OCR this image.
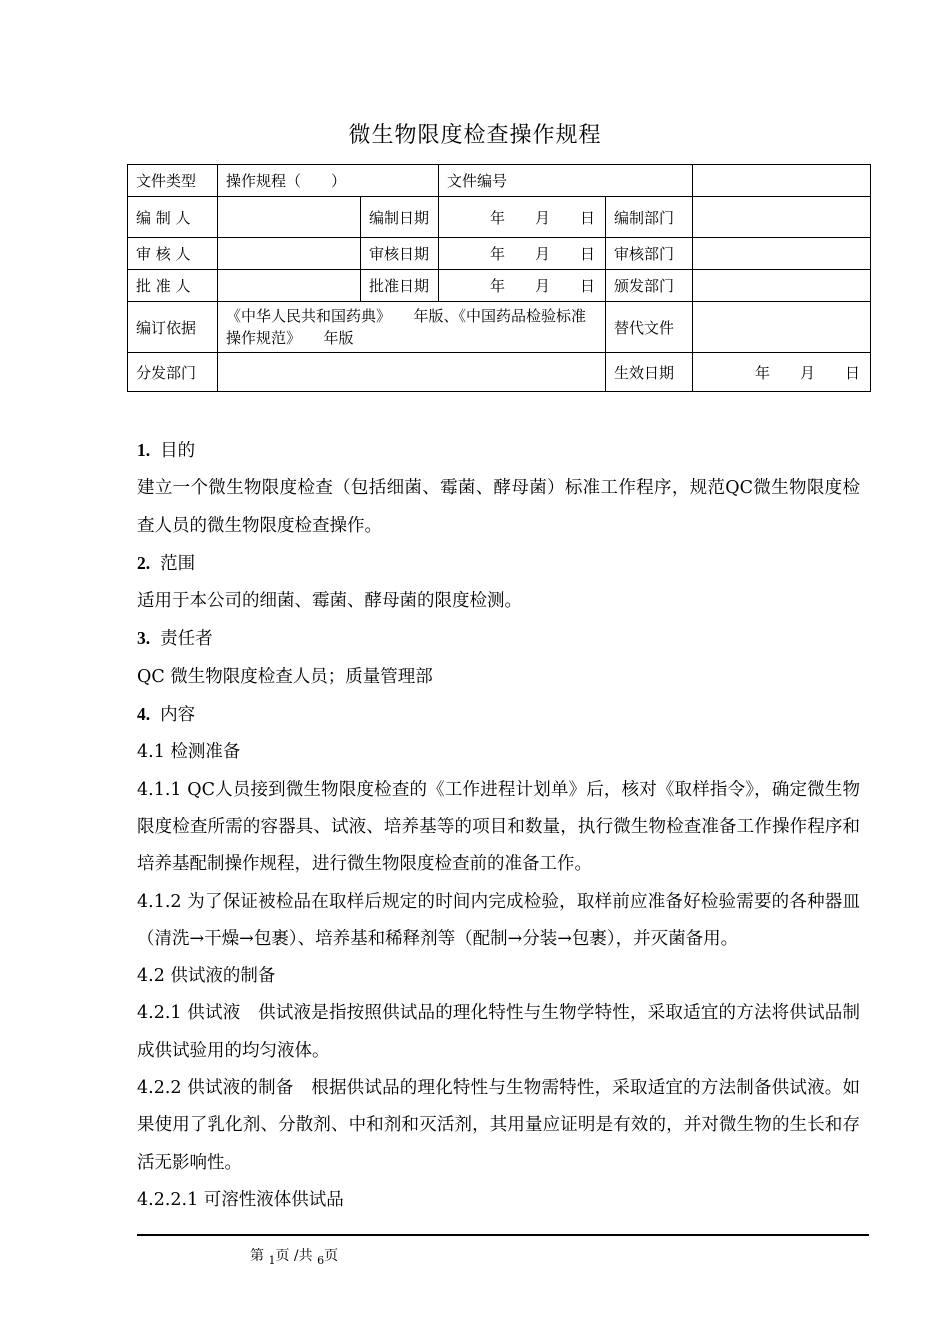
微生物限度检查操作规程
文件类型	操作规程（　　）		文件编号		
编 制 人		编制日期	年 月 日	编制部门	
审 核 人		审核日期	年 月 日	审核部门	
批 准 人		批准日期	年 月 日	颁发部门	
编订依据	《中华人民共和国药典》　　年版、《中国药品检验标准操作规范》　　年版			替代文件	
分发部门				生效日期	年 月 日

1. 目的

建立一个微生物限度检查（包括细菌、霉菌、酵母菌）标准工作程序，规范QC微生物限度检查人员的微生物限度检查操作。

2. 范围

适用于本公司的细菌、霉菌、酵母菌的限度检测。

3. 责任者

QC 微生物限度检查人员；质量管理部

4. 内容

4.1 检测准备

4.1.1 QC人员接到微生物限度检查的《工作进程计划单》后，核对《取样指令》，确定微生物限度检查所需的容器具、试液、培养基等的项目和数量，执行微生物检查准备工作操作程序和培养基配制操作规程，进行微生物限度检查前的准备工作。

4.1.2 为了保证被检品在取样后规定的时间内完成检验，取样前应准备好检验需要的各种器皿（清洗→干燥→包裹）、培养基和稀释剂等（配制→分装→包裹），并灭菌备用。

4.2 供试液的制备

4.2.1 供试液　供试液是指按照供试品的理化特性与生物学特性，采取适宜的方法将供试品制成供试验用的均匀液体。

4.2.2 供试液的制备　根据供试品的理化特性与生物需特性，采取适宜的方法制备供试液。如果使用了乳化剂、分散剂、中和剂和灭活剂，其用量应证明是有效的，并对微生物的生长和存活无影响性。

4.2.2.1 可溶性液体供试品

第 $_1$页 /共 $_6$页
